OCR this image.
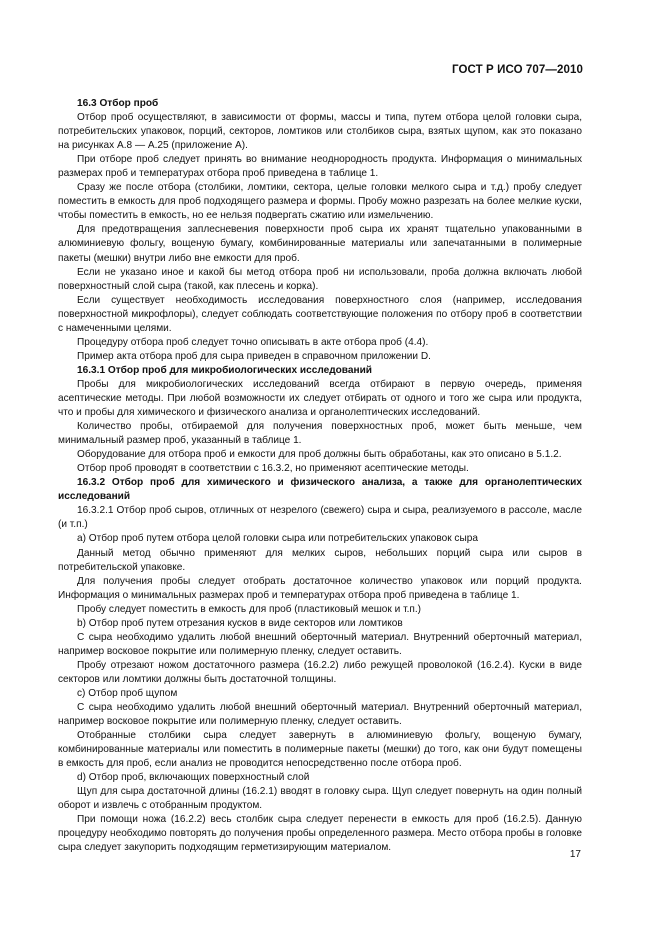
ГОСТ Р ИСО 707—2010

16.3 Отбор проб

Отбор проб осуществляют, в зависимости от формы, массы и типа, путем отбора целой головки сыра, потребительских упаковок, порций, секторов, ломтиков или столбиков сыра, взятых щупом, как это показано на рисунках А.8 — А.25 (приложение А).

При отборе проб следует принять во внимание неоднородность продукта. Информация о минимальных размерах проб и температурах отбора проб приведена в таблице 1.

Сразу же после отбора (столбики, ломтики, сектора, целые головки мелкого сыра и т.д.) пробу следует поместить в емкость для проб подходящего размера и формы. Пробу можно разрезать на более мелкие куски, чтобы поместить в емкость, но ее нельзя подвергать сжатию или измельчению.

Для предотвращения заплесневения поверхности проб сыра их хранят тщательно упакованными в алюминиевую фольгу, вощеную бумагу, комбинированные материалы или запечатанными в полимерные пакеты (мешки) внутри либо вне емкости для проб.

Если не указано иное и какой бы метод отбора проб ни использовали, проба должна включать любой поверхностный слой сыра (такой, как плесень и корка).

Если существует необходимость исследования поверхностного слоя (например, исследования поверхностной микрофлоры), следует соблюдать соответствующие положения по отбору проб в соответствии с намеченными целями.

Процедуру отбора проб следует точно описывать в акте отбора проб (4.4).

Пример акта отбора проб для сыра приведен в справочном приложении D.

16.3.1 Отбор проб для микробиологических исследований

Пробы для микробиологических исследований всегда отбирают в первую очередь, применяя асептические методы. При любой возможности их следует отбирать от одного и того же сыра или продукта, что и пробы для химического и физического анализа и органолептических исследований.

Количество пробы, отбираемой для получения поверхностных проб, может быть меньше, чем минимальный размер проб, указанный в таблице 1.

Оборудование для отбора проб и емкости для проб должны быть обработаны, как это описано в 5.1.2.

Отбор проб проводят в соответствии с 16.3.2, но применяют асептические методы.

16.3.2 Отбор проб для химического и физического анализа, а также для органолептических исследований

16.3.2.1 Отбор проб сыров, отличных от незрелого (свежего) сыра и сыра, реализуемого в рассоле, масле (и т.п.)

а) Отбор проб путем отбора целой головки сыра или потребительских упаковок сыра

Данный метод обычно применяют для мелких сыров, небольших порций сыра или сыров в потребительской упаковке.

Для получения пробы следует отобрать достаточное количество упаковок или порций продукта. Информация о минимальных размерах проб и температурах отбора проб приведена в таблице 1.

Пробу следует поместить в емкость для проб (пластиковый мешок и т.п.)

b) Отбор проб путем отрезания кусков в виде секторов или ломтиков

С сыра необходимо удалить любой внешний оберточный материал. Внутренний оберточный материал, например восковое покрытие или полимерную пленку, следует оставить.

Пробу отрезают ножом достаточного размера (16.2.2) либо режущей проволокой (16.2.4). Куски в виде секторов или ломтики должны быть достаточной толщины.

c) Отбор проб щупом

С сыра необходимо удалить любой внешний оберточный материал. Внутренний оберточный материал, например восковое покрытие или полимерную пленку, следует оставить.

Отобранные столбики сыра следует завернуть в алюминиевую фольгу, вощеную бумагу, комбинированные материалы или поместить в полимерные пакеты (мешки) до того, как они будут помещены в емкость для проб, если анализ не проводится непосредственно после отбора проб.

d) Отбор проб, включающих поверхностный слой

Щуп для сыра достаточной длины (16.2.1) вводят в головку сыра. Щуп следует повернуть на один полный оборот и извлечь с отобранным продуктом.

При помощи ножа (16.2.2) весь столбик сыра следует перенести в емкость для проб (16.2.5). Данную процедуру необходимо повторять до получения пробы определенного размера. Место отбора пробы в головке сыра следует закупорить подходящим герметизирующим материалом.

17
